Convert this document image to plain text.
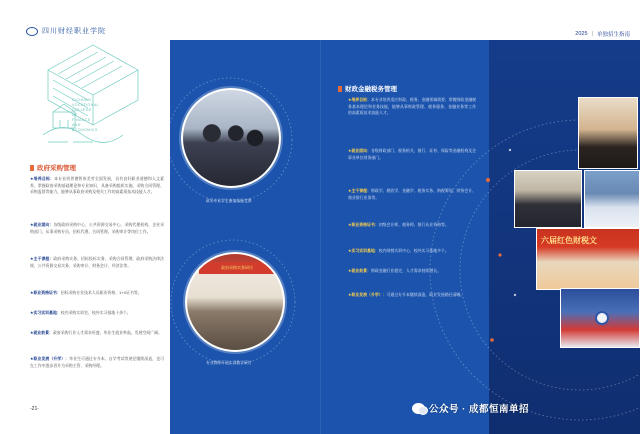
四川财经职业学院
SICHUAN
VOCATIONAL
COLLEGE
OF
FINANCE
AND
ECONOMICS
政府采购管理
★培养目标：本专业培养德智体美劳全面发展，具有良好职业道德和人文素养，掌握政府采购基础理论和专业知识，具备采购组织实施、采购合同管理、采购监督等能力，能够从事政府采购及相关工作的高素质技术技能人才。
★就业面向：各级政府采购中心、公共资源交易中心、采购代理机构、企业采购部门，从事采购专员、招标代理、合同管理、采购审计等岗位工作。
★主干课程：政府采购实务、招标投标实务、采购合同管理、政府采购法律法规、公共资源交易实务、采购审计、财务会计、经济法等。
★职业资格证书：招标采购专业技术人员职业资格、1+X证书等。
★实习实训基地：校内采购实训室、校外实习基地十余个。
★就业前景：政府采购行业人才需求旺盛，毕业生就业率高，发展空间广阔。
★职业发展（升学）：毕业生可通过专升本、自学考试等途径继续深造，也可在工作中逐步晋升为采购主管、采购经理。
-21-
2025 | 单独招生指南
政采专业学生参加技能竞赛
政府采购实务研讨
专业教师开展实训教学研讨
财政金融税务管理
★培养目标：本专业培养适应财政、税务、金融领域需要，掌握财政金融税务基本理论和业务技能，能够从事财政管理、税务服务、金融业务等工作的高素质技术技能人才。
★就业面向：各级财政部门、税务机关、银行、证券、保险等金融机构及企事业单位财务部门。
★主干课程：财政学、税收学、金融学、税务实务、纳税筹划、财务会计、商业银行业务等。
★职业资格证书：初级会计师、税务师、银行从业资格等。
★实习实训基地：校内财税实训中心、校外实习基地多个。
★就业前景：财政金融行业稳定，人才需求持续增长。
★职业发展（升学）：可通过专升本继续深造，职业发展路径清晰。
六届红色财税文
公众号 · 成都恒南单招
